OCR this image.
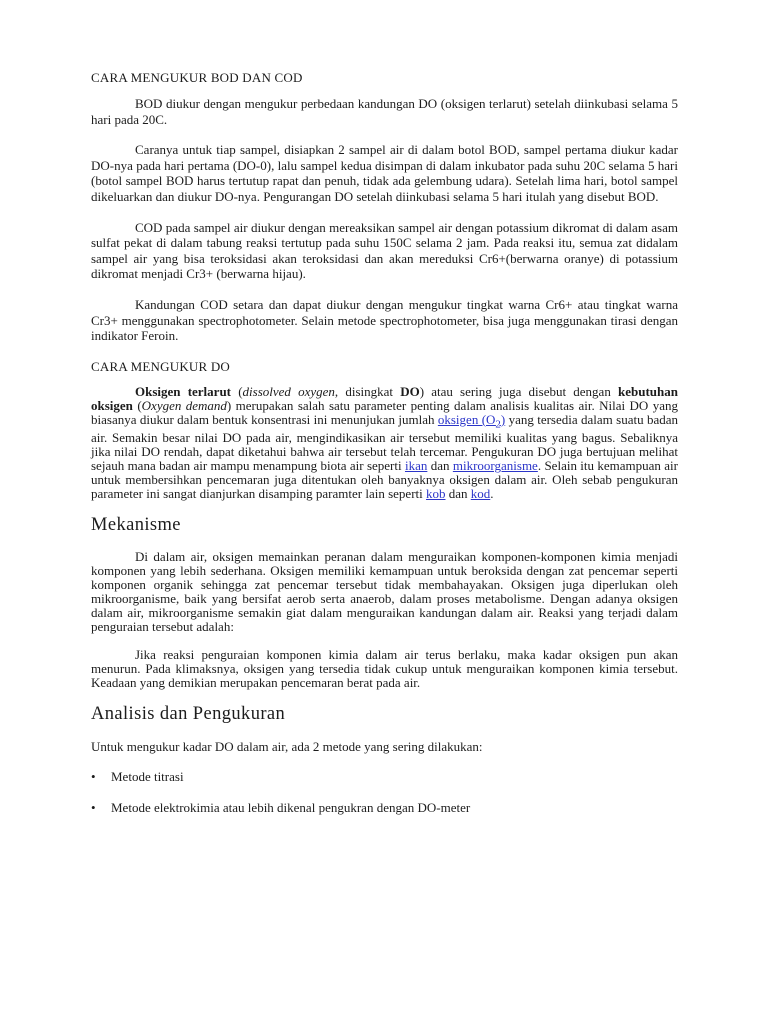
CARA MENGUKUR BOD DAN COD

BOD diukur dengan mengukur perbedaan kandungan DO (oksigen terlarut) setelah diinkubasi selama 5 hari pada 20C.

Caranya untuk tiap sampel, disiapkan 2 sampel air di dalam botol BOD, sampel pertama diukur kadar DO-nya pada hari pertama (DO-0), lalu sampel kedua disimpan di dalam inkubator pada suhu 20C selama 5 hari (botol sampel BOD harus tertutup rapat dan penuh, tidak ada gelembung udara). Setelah lima hari, botol sampel dikeluarkan dan diukur DO-nya. Pengurangan DO setelah diinkubasi selama 5 hari itulah yang disebut BOD.

COD pada sampel air diukur dengan mereaksikan sampel air dengan potassium dikromat di dalam asam sulfat pekat di dalam tabung reaksi tertutup pada suhu 150C selama 2 jam. Pada reaksi itu, semua zat didalam sampel air yang bisa teroksidasi akan teroksidasi dan akan mereduksi Cr6+(berwarna oranye) di potassium dikromat menjadi Cr3+ (berwarna hijau).

Kandungan COD setara dan dapat diukur dengan mengukur tingkat warna Cr6+ atau tingkat warna Cr3+ menggunakan spectrophotometer. Selain metode spectrophotometer, bisa juga menggunakan tirasi dengan indikator Feroin.

CARA MENGUKUR DO

Oksigen terlarut (dissolved oxygen, disingkat DO) atau sering juga disebut dengan kebutuhan oksigen (Oxygen demand) merupakan salah satu parameter penting dalam analisis kualitas air. Nilai DO yang biasanya diukur dalam bentuk konsentrasi ini menunjukan jumlah oksigen $(O_2)$ yang tersedia dalam suatu badan air. Semakin besar nilai DO pada air, mengindikasikan air tersebut memiliki kualitas yang bagus. Sebaliknya jika nilai DO rendah, dapat diketahui bahwa air tersebut telah tercemar. Pengukuran DO juga bertujuan melihat sejauh mana badan air mampu menampung biota air seperti ikan dan mikroorganisme. Selain itu kemampuan air untuk membersihkan pencemaran juga ditentukan oleh banyaknya oksigen dalam air. Oleh sebab pengukuran parameter ini sangat dianjurkan disamping paramter lain seperti kob dan kod.

Mekanisme

Di dalam air, oksigen memainkan peranan dalam menguraikan komponen-komponen kimia menjadi komponen yang lebih sederhana. Oksigen memiliki kemampuan untuk beroksida dengan zat pencemar seperti komponen organik sehingga zat pencemar tersebut tidak membahayakan. Oksigen juga diperlukan oleh mikroorganisme, baik yang bersifat aerob serta anaerob, dalam proses metabolisme. Dengan adanya oksigen dalam air, mikroorganisme semakin giat dalam menguraikan kandungan dalam air. Reaksi yang terjadi dalam penguraian tersebut adalah:

Jika reaksi penguraian komponen kimia dalam air terus berlaku, maka kadar oksigen pun akan menurun. Pada klimaksnya, oksigen yang tersedia tidak cukup untuk menguraikan komponen kimia tersebut. Keadaan yang demikian merupakan pencemaran berat pada air.

Analisis dan Pengukuran

Untuk mengukur kadar DO dalam air, ada 2 metode yang sering dilakukan:

• Metode titrasi
• Metode elektrokimia atau lebih dikenal pengukran dengan DO-meter
